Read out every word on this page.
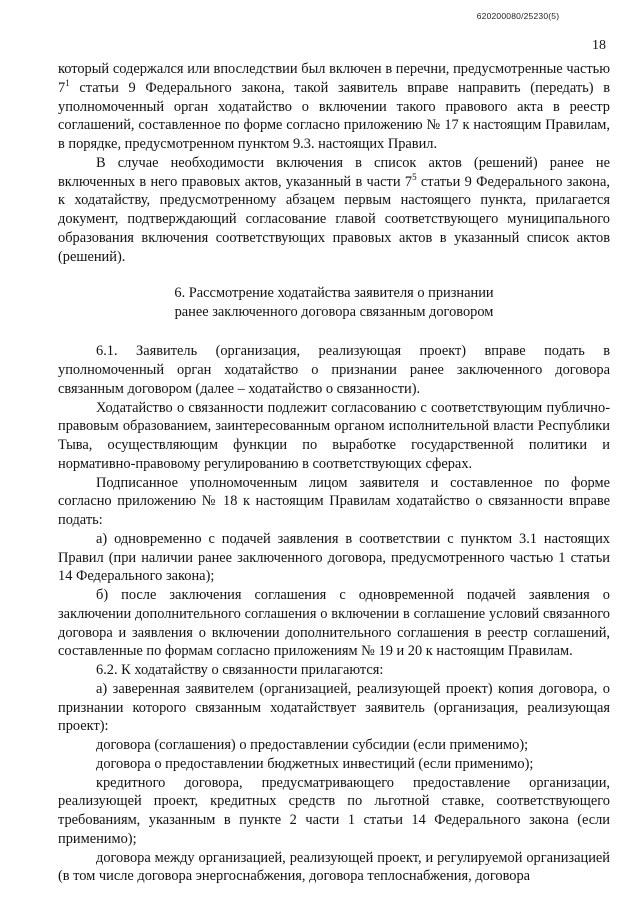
620200080/25230(5)
18

который содержался или впоследствии был включен в перечни, предусмотренные частью $7^1$ статьи 9 Федерального закона, такой заявитель вправе направить (передать) в уполномоченный орган ходатайство о включении такого правового акта в реестр соглашений, составленное по форме согласно приложению № 17 к настоящим Правилам, в порядке, предусмотренном пунктом 9.3. настоящих Правил.

В случае необходимости включения в список актов (решений) ранее не включенных в него правовых актов, указанный в части $7^5$ статьи 9 Федерального закона, к ходатайству, предусмотренному абзацем первым настоящего пункта, прилагается документ, подтверждающий согласование главой соответствующего муниципального образования включения соответствующих правовых актов в указанный список актов (решений).

6. Рассмотрение ходатайства заявителя о признании
ранее заключенного договора связанным договором

6.1. Заявитель (организация, реализующая проект) вправе подать в уполномоченный орган ходатайство о признании ранее заключенного договора связанным договором (далее – ходатайство о связанности).

Ходатайство о связанности подлежит согласованию с соответствующим публично-правовым образованием, заинтересованным органом исполнительной власти Республики Тыва, осуществляющим функции по выработке государственной политики и нормативно-правовому регулированию в соответствующих сферах.

Подписанное уполномоченным лицом заявителя и составленное по форме согласно приложению № 18 к настоящим Правилам ходатайство о связанности вправе подать:

а) одновременно с подачей заявления в соответствии с пунктом 3.1 настоящих Правил (при наличии ранее заключенного договора, предусмотренного частью 1 статьи 14 Федерального закона);

б) после заключения соглашения с одновременной подачей заявления о заключении дополнительного соглашения о включении в соглашение условий связанного договора и заявления о включении дополнительного соглашения в реестр соглашений, составленные по формам согласно приложениям № 19 и 20 к настоящим Правилам.

6.2. К ходатайству о связанности прилагаются:

а) заверенная заявителем (организацией, реализующей проект) копия договора, о признании которого связанным ходатайствует заявитель (организация, реализующая проект):

договора (соглашения) о предоставлении субсидии (если применимо);

договора о предоставлении бюджетных инвестиций (если применимо);

кредитного договора, предусматривающего предоставление организации, реализующей проект, кредитных средств по льготной ставке, соответствующего требованиям, указанным в пункте 2 части 1 статьи 14 Федерального закона (если применимо);

договора между организацией, реализующей проект, и регулируемой организацией (в том числе договора энергоснабжения, договора теплоснабжения, договора
